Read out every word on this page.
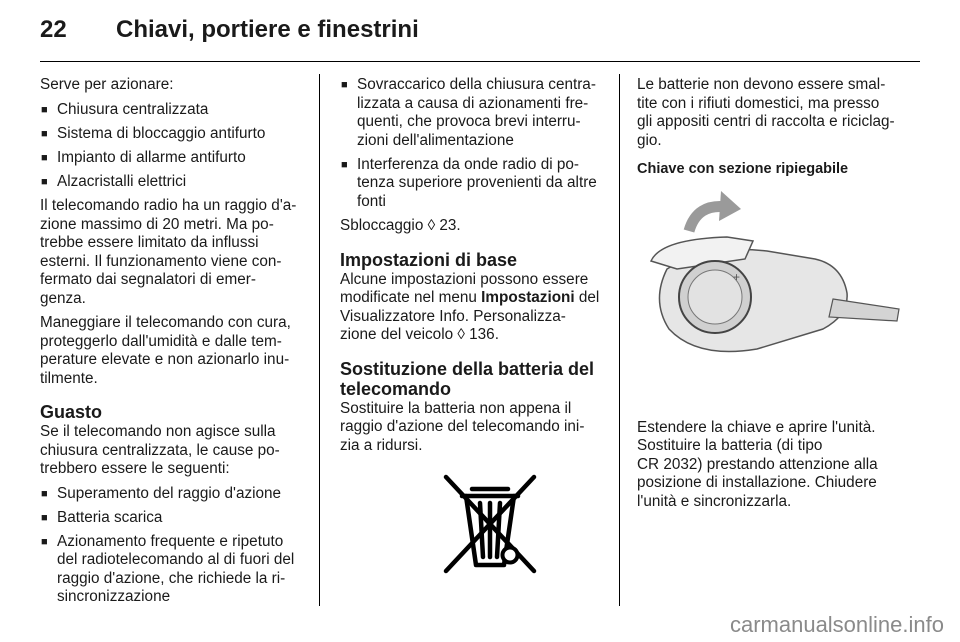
22 Chiavi, portiere e finestrini

Serve per azionare:

■ Chiusura centralizzata
■ Sistema di bloccaggio antifurto
■ Impianto di allarme antifurto
■ Alzacristalli elettrici

Il telecomando radio ha un raggio d'a-
zione massimo di 20 metri. Ma po-
trebbe essere limitato da influssi
esterni. Il funzionamento viene con-
fermato dai segnalatori di emer-
genza.

Maneggiare il telecomando con cura,
proteggerlo dall'umidità e dalle tem-
perature elevate e non azionarlo inu-
tilmente.

Guasto

Se il telecomando non agisce sulla
chiusura centralizzata, le cause po-
trebbero essere le seguenti:

■ Superamento del raggio d'azione
■ Batteria scarica
■ Azionamento frequente e ripetuto
del radiotelecomando al di fuori del
raggio d'azione, che richiede la ri-
sincronizzazione
■ Sovraccarico della chiusura centra-
lizzata a causa di azionamenti fre-
quenti, che provoca brevi interru-
zioni dell'alimentazione
■ Interferenza da onde radio di po-
tenza superiore provenienti da altre
fonti

Sbloccaggio ◊ 23.

Impostazioni di base

Alcune impostazioni possono essere
modificate nel menu Impostazioni del
Visualizzatore Info. Personalizza-
zione del veicolo ◊ 136.

Sostituzione della batteria del
telecomando

Sostituire la batteria non appena il
raggio d'azione del telecomando ini-
zia a ridursi.

Le batterie non devono essere smal-
tite con i rifiuti domestici, ma presso
gli appositi centri di raccolta e riciclag-
gio.

Chiave con sezione ripiegabile
+

Estendere la chiave e aprire l'unità.
Sostituire la batteria (di tipo
CR 2032) prestando attenzione alla
posizione di installazione. Chiudere
l'unità e sincronizzarla.

carmanualsonline.info
